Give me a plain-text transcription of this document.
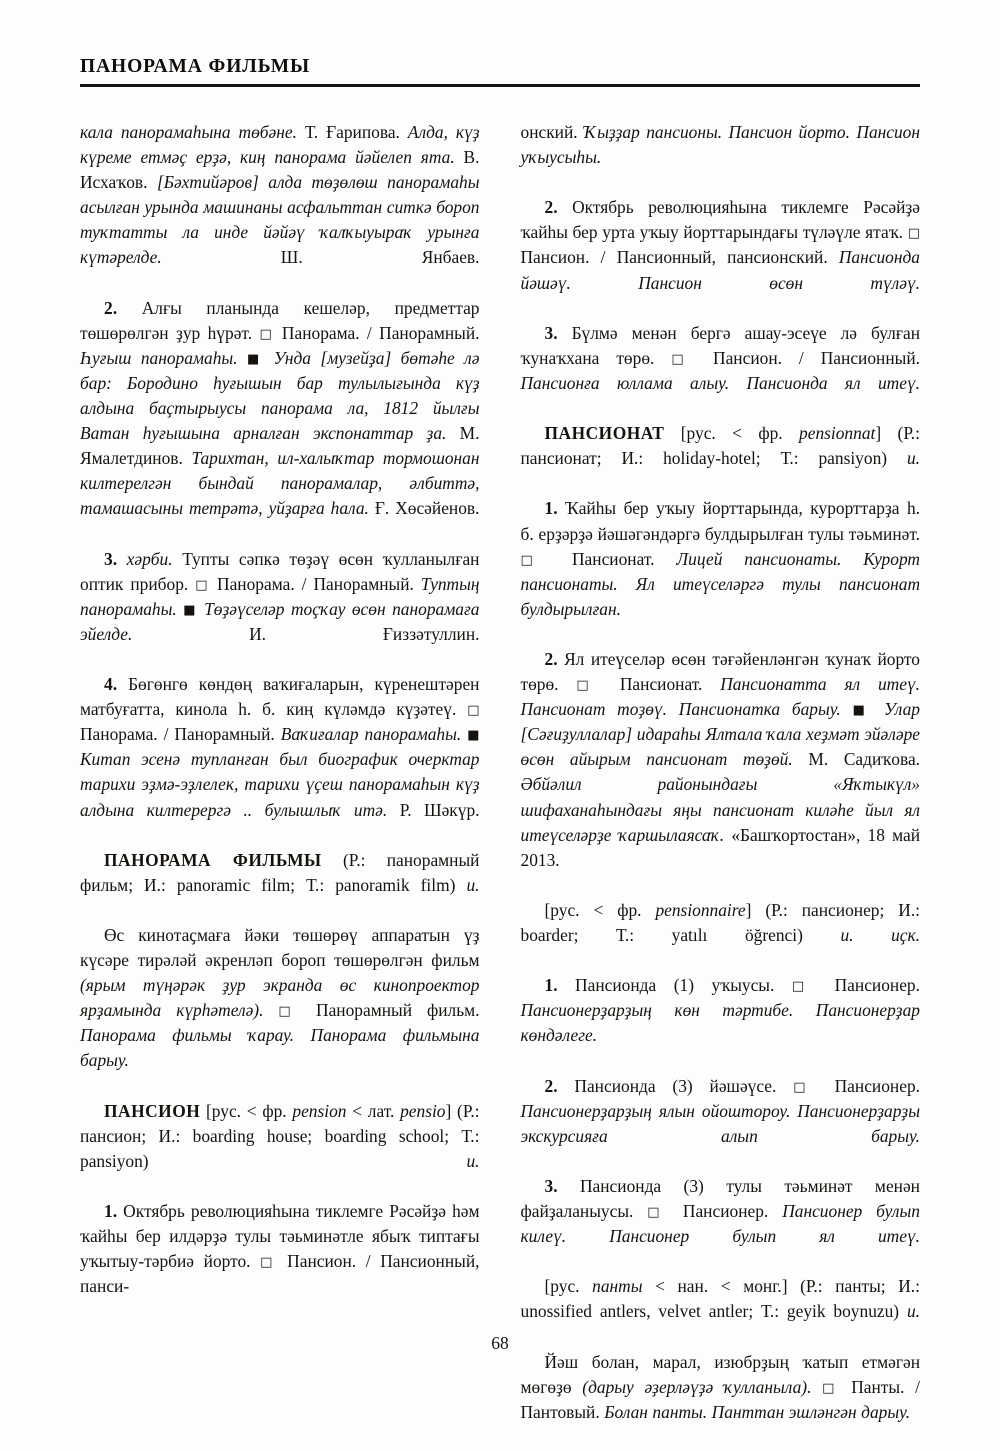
ПАНОРАМА ФИЛЬМЫ

кала панорамаһына төбәне. Т. Ғарипова. Алда, күҙ күреме етмәҫ ерҙә, киң панорама йәйелеп ята. В. Исхаҡов. [Бәхтийәров] алда төҙөлөш панорамаһы асылған урында машинаны асфальттан ситкә бороп туҡтатты ла инде йәйәү ҡалҡыуыраҡ урынға күтәрелде. Ш. Янбаев.

2. Алғы планында кешеләр, предметтар төшөрөлгән ҙур һүрәт. □ Панорама. / Панорамный. Һуғыш панорамаһы. ■ Унда [музейҙа] бөтәһе лә бар: Бородино һуғышын бар тулылығында күҙ алдына баҫтырыусы панорама ла, 1812 йылғы Ватан һуғышына арналған экспонаттар ҙа. М. Ямалетдинов. Тарихтан, ил-халыҡтар тормошонан килтерелгән бындай панорамалар, әлбиттә, тамашасыны тетрәтә, уйҙарға һала. Ғ. Хөсәйенов.

3. хәрби. Тупты сәпкә төҙәү өсөн ҡулланылған оптик прибор. □ Панорама. / Панорамный. Туптың панорамаһы. ■ Төҙәүселәр тоҫҡау өсөн панорамаға эйелде. И. Ғиззәтуллин.

4. Бөгөнгө көндөң ваҡиғаларын, күренештәрен матбуғатта, кинола һ. б. киң күләмдә күҙәтеү. □ Панорама. / Панорамный. Ваҡиғалар панорамаһы. ■ Китап эсенә тупланған был биографик очерктар тарихи эҙмә-эҙлелек, тарихи үҫеш панорамаһын күҙ алдына килтерергә .. булышлыҡ итә. Р. Шәкүр.

ПАНОРАМА ФИЛЬМЫ (Р.: панорамный фильм; И.: panoramic film; Т.: panoramik film) и.

Өс кинотаҫмаға йәки төшөрөү аппаратын үҙ күсәре тирәләй әкренләп бороп төшөрөлгән фильм (ярым түңәрәк ҙур экранда өс кинопроектор ярҙамында күрһәтелә). □ Панорамный фильм. Панорама фильмы ҡарау. Панорама фильмына барыу.

ПАНСИОН [рус. < фр. pension < лат. pensio] (Р.: пансион; И.: boarding house; boarding school; Т.: pansiyon) и.

1. Октябрь революцияһына тиклемге Рәсәйҙә һәм ҡайһы бер илдәрҙә тулы тәьминәтле ябыҡ типтағы уҡытыу-тәрбиә йорто. □ Пансион. / Пансионный, панси-

онский. Ҡыҙҙар пансионы. Пансион йорто. Пансион уҡыусыһы.

2. Октябрь революцияһына тиклемге Рәсәйҙә ҡайһы бер урта уҡыу йорттарындағы түләүле ятаҡ. □ Пансион. / Пансионный, пансионский. Пансионда йәшәү. Пансион өсөн түләү.

3. Бүлмә менән бергә ашау-эсеүе лә булған ҡунаҡхана төрө. □ Пансион. / Пансионный. Пансионға юллама алыу. Пансионда ял итеү.

ПАНСИОНАТ [рус. < фр. pensionnat] (Р.: пансионат; И.: holiday-hotel; Т.: pansiyon) и.

1. Ҡайһы бер уҡыу йорттарында, курорттарҙа һ. б. ерҙәрҙә йәшәгәндәргә булдырылған тулы тәьминәт. □ Пансионат. Лицей пансионаты. Курорт пансионаты. Ял итеүселәргә тулы пансионат булдырылған.

2. Ял итеүселәр өсөн тәғәйенләнгән ҡунаҡ йорто төрө. □ Пансионат. Пансионатта ял итеү. Пансионат тоҙөү. Пансионатка барыу. ■ Улар [Сәғиҙуллалар] идараһы Ялтала ҡала хеҙмәт эйәләре өсөн айырым пансионат төҙөй. М. Садиҡова. Әбйәлил районындағы «Яҡтыкүл» шифаханаһындағы яңы пансионат киләһе йыл ял итеүселәрҙе ҡаршылаясаҡ. «Башҡортостан», 18 май 2013.

[рус. < фр. pensionnaire] (Р.: пансионер; И.: boarder; Т.: yatılı öğrenci) и. иҫк.

1. Пансионда (1) уҡыусы. □ Пансионер. Пансионерҙарҙың көн тәртибе. Пансионерҙар көндәлеге.

2. Пансионда (3) йәшәүсе. □ Пансионер. Пансионерҙарҙың ялын ойоштороу. Пансионерҙарҙы экскурсияға алып барыу.

3. Пансионда (3) тулы тәьминәт менән файҙаланыусы. □ Пансионер. Пансионер булып килеү. Пансионер булып ял итеү.

[рус. панты < нан. < монг.] (Р.: панты; И.: unossified antlers, velvet antler; Т.: geyik boynuzu) и.

Йәш болан, марал, изюбрҙың ҡатып етмәгән мөгөҙө (дарыу әҙерләүҙә ҡулланыла). □ Панты. / Пантовый. Болан панты. Панттан эшләнгән дарыу.

68
